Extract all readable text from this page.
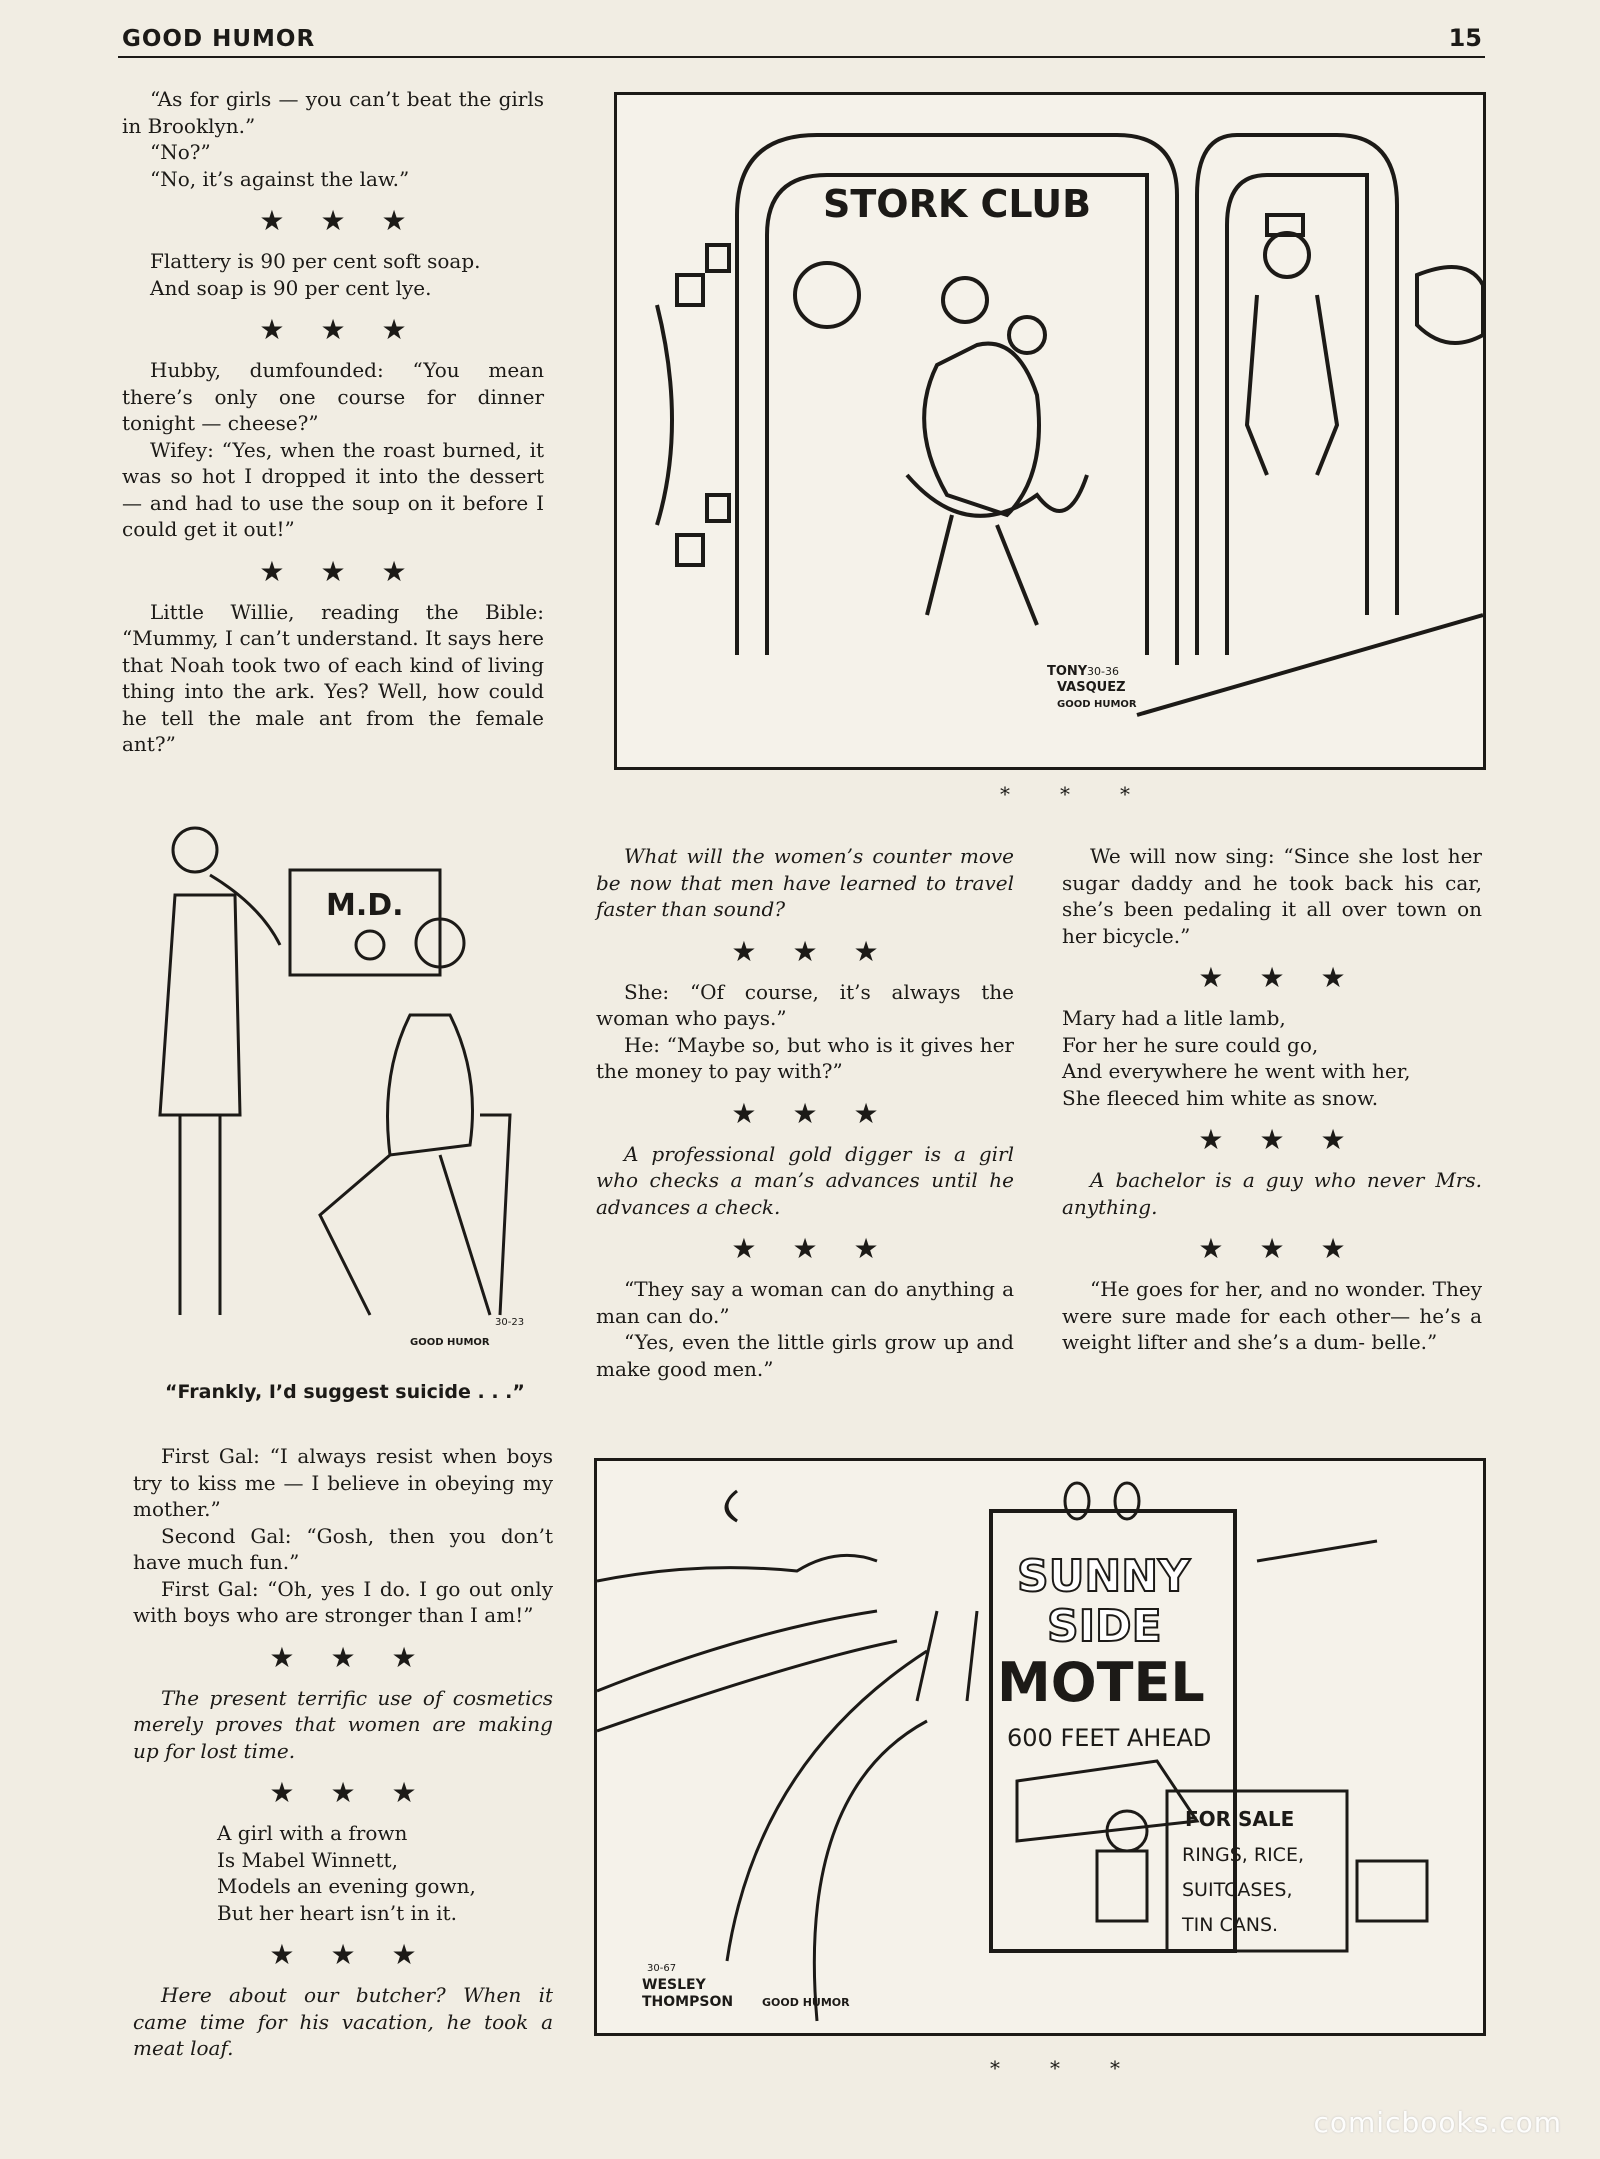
GOOD HUMOR	15

“As for girls — you can’t beat the girls in Brooklyn.”

“No?”

“No, it’s against the law.”

★★★

Flattery is 90 per cent soft soap.

And soap is 90 per cent lye.

★★★

Hubby, dumfounded: “You mean there’s only one course for dinner tonight — cheese?”

Wifey: “Yes, when the roast burned, it was so hot I dropped it into the dessert — and had to use the soup on it before I could get it out!”

★★★

Little Willie, reading the Bible: “Mummy, I can’t understand. It says here that Noah took two of each kind of living thing into the ark. Yes? Well, how could he tell the male ant from the female ant?”

STORK CLUB
TONY 30-36
VASQUEZ
GOOD HUMOR
***
M.D.
30-23
GOOD HUMOR
“Frankly, I’d suggest suicide . . .”

What will the women’s counter move be now that men have learned to travel faster than sound?

★★★

She: “Of course, it’s always the woman who pays.”

He: “Maybe so, but who is it gives her the money to pay with?”

★★★

A professional gold digger is a girl who checks a man’s advances until he advances a check.

★★★

“They say a woman can do anything a man can do.”

“Yes, even the little girls grow up and make good men.”

We will now sing: “Since she lost her sugar daddy and he took back his car, she’s been pedaling it all over town on her bicycle.”

★★★

Mary had a litle lamb,

For her he sure could go,

And everywhere he went with her,

She fleeced him white as snow.

★★★

A bachelor is a guy who never Mrs. anything.

★★★

“He goes for her, and no wonder. They were sure made for each other— he’s a weight lifter and she’s a dum- belle.”

First Gal: “I always resist when boys try to kiss me — I believe in obeying my mother.”

Second Gal: “Gosh, then you don’t have much fun.”

First Gal: “Oh, yes I do. I go out only with boys who are stronger than I am!”

★★★

The present terrific use of cosmetics merely proves that women are making up for lost time.

★★★

A girl with a frown

Is Mabel Winnett,

Models an evening gown,

But her heart isn’t in it.

★★★

Here about our butcher? When it came time for his vacation, he took a meat loaf.

SUNNY
SIDE
MOTEL
600 FEET AHEAD
FOR SALE
RINGS, RICE,
SUITCASES,
TIN CANS.
30-67
WESLEY
THOMPSON	GOOD HUMOR
***
comicbooks.com
